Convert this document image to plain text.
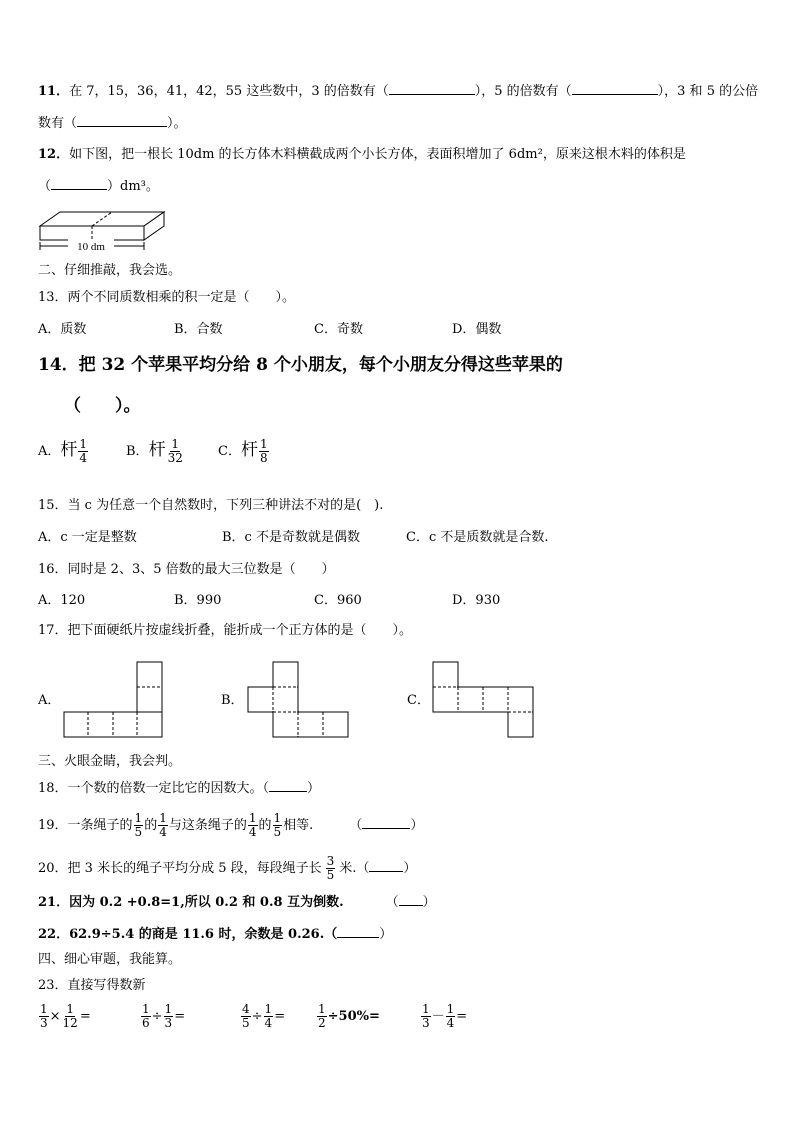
11．在 7，15，36，41，42，55 这些数中，3 的倍数有（	），5 的倍数有（	），3 和 5 的公倍
数有（	）。
12．如下图，把一根长 10dm 的长方体木料横截成两个小长方体，表面积增加了 6dm²，原来这根木料的体积是
（	）dm³。
10 dm
二、仔细推敲，我会选。
13．两个不同质数相乘的积一定是（　　）。
A．质数	B．合数	C．奇数	D．偶数
14．把 32 个苹果平均分给 8 个小朋友，每个小朋友分得这些苹果的
（　　）。
A．杆 $\frac{1}{4}$	B．杆 $\frac{1}{32}$	C．杆 $\frac{1}{8}$
15．当 c 为任意一个自然数时，下列三种讲法不对的是(　).
A．c 一定是整数	B．c 不是奇数就是偶数	C．c 不是质数就是合数.
16．同时是 2、3、5 倍数的最大三位数是（　　）
A．120	B．990	C．960	D．930
17．把下面硬纸片按虚线折叠，能折成一个正方体的是（　　）。
A．	B．	C．
三、火眼金睛，我会判。
18．一个数的倍数一定比它的因数大。（	）
19．一条绳子的 $\frac{1}{5}$ 的 $\frac{1}{4}$ 与这条绳子的 $\frac{1}{4}$ 的 $\frac{1}{5}$ 相等.	（	）
20．把 3 米长的绳子平均分成 5 段，每段绳子长 $\frac{3}{5}$ 米.（	）
21．因为 0.2 +0.8=1,所以 0.2 和 0.8 互为倒数.	（ ）
22．62.9÷5.4 的商是 11.6 时，余数是 0.26.（	）
四、细心审题，我能算。
23．直接写得数新
$\frac{1}{3} \times \frac{1}{12}$ =	$\frac{1}{6} \div \frac{1}{3}$ =	$\frac{4}{5} \div \frac{1}{4}$ =	$\frac{1}{2} \div 50\%=$	$\frac{1}{3} - \frac{1}{4}$ =
